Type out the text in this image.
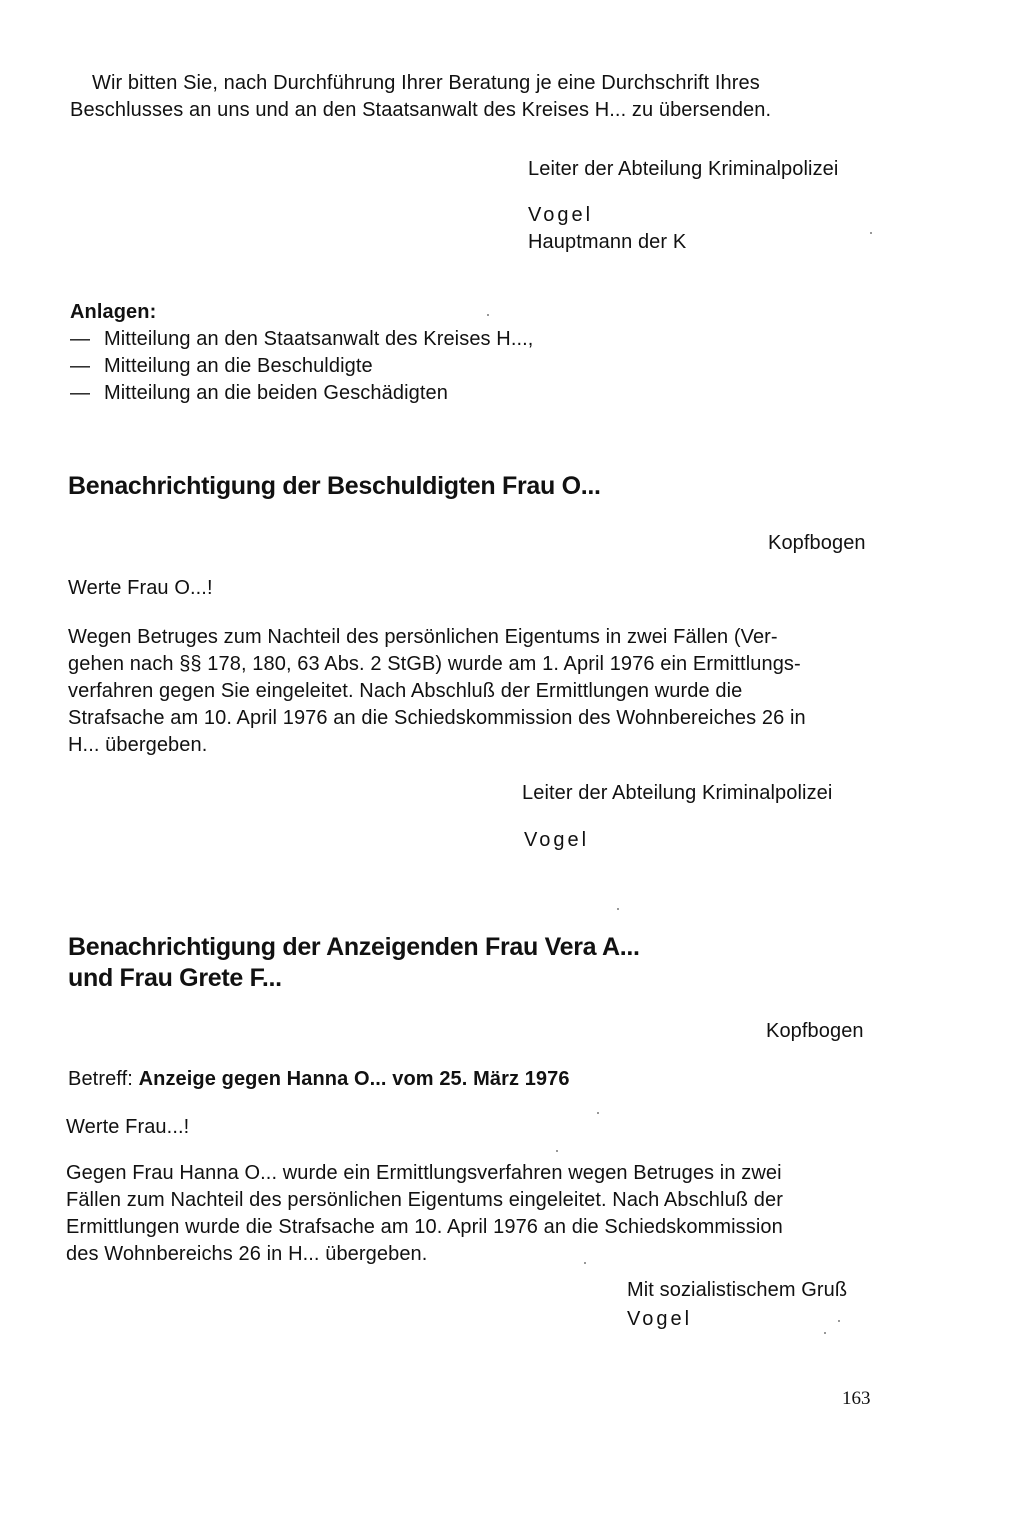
Wir bitten Sie, nach Durchführung Ihrer Beratung je eine Durchschrift Ihres
Beschlusses an uns und an den Staatsanwalt des Kreises H... zu übersenden.
Leiter der Abteilung Kriminalpolizei
Vogel
Hauptmann der K
Anlagen:
— Mitteilung an den Staatsanwalt des Kreises H...,
— Mitteilung an die Beschuldigte
— Mitteilung an die beiden Geschädigten
Benachrichtigung der Beschuldigten Frau O...
Kopfbogen
Werte Frau O...!
Wegen Betruges zum Nachteil des persönlichen Eigentums in zwei Fällen (Ver-
gehen nach §§ 178, 180, 63 Abs. 2 StGB) wurde am 1. April 1976 ein Ermittlungs-
verfahren gegen Sie eingeleitet. Nach Abschluß der Ermittlungen wurde die
Strafsache am 10. April 1976 an die Schiedskommission des Wohnbereiches 26 in
H... übergeben.
Leiter der Abteilung Kriminalpolizei
Vogel
Benachrichtigung der Anzeigenden Frau Vera A...
und Frau Grete F...
Kopfbogen
Betreff: Anzeige gegen Hanna O... vom 25. März 1976
Werte Frau...!
Gegen Frau Hanna O... wurde ein Ermittlungsverfahren wegen Betruges in zwei
Fällen zum Nachteil des persönlichen Eigentums eingeleitet. Nach Abschluß der
Ermittlungen wurde die Strafsache am 10. April 1976 an die Schiedskommission
des Wohnbereichs 26 in H... übergeben.
Mit sozialistischem Gruß
Vogel
163
